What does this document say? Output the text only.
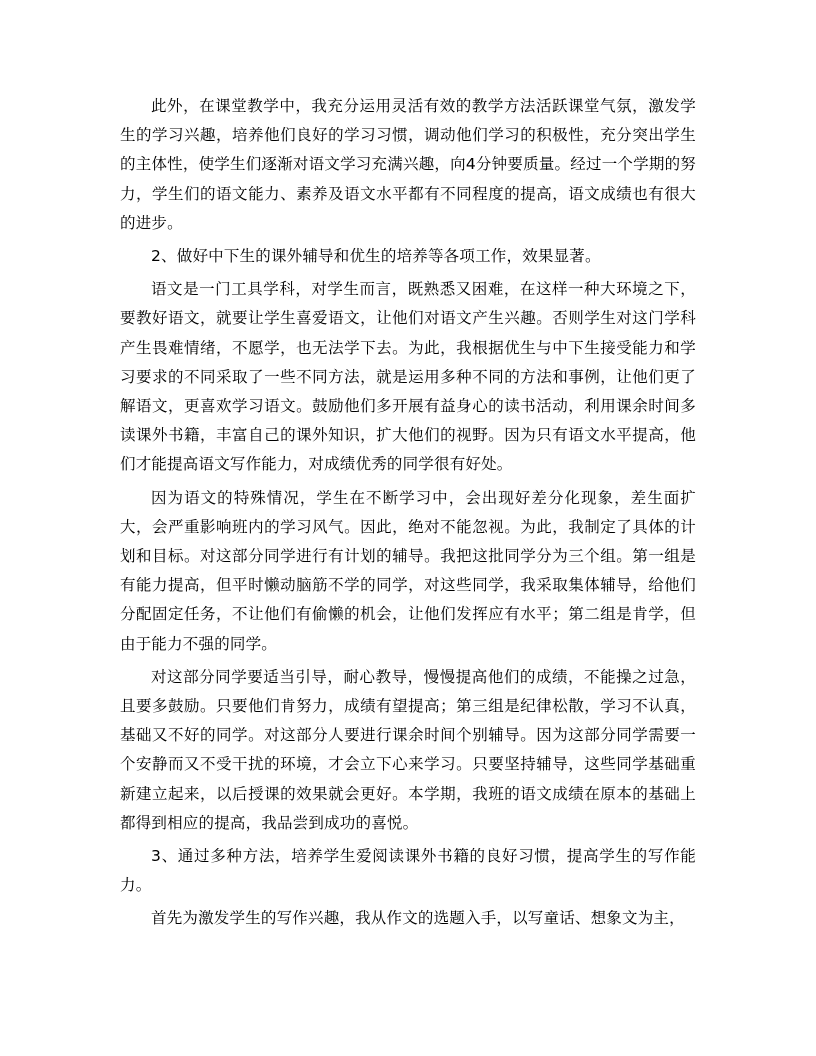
此外，在课堂教学中，我充分运用灵活有效的教学方法活跃课堂气氛，激发学生的学习兴趣，培养他们良好的学习习惯，调动他们学习的积极性，充分突出学生的主体性，使学生们逐渐对语文学习充满兴趣，向4分钟要质量。经过一个学期的努力，学生们的语文能力、素养及语文水平都有不同程度的提高，语文成绩也有很大的进步。

2、做好中下生的课外辅导和优生的培养等各项工作，效果显著。

语文是一门工具学科，对学生而言，既熟悉又困难，在这样一种大环境之下，要教好语文，就要让学生喜爱语文，让他们对语文产生兴趣。否则学生对这门学科产生畏难情绪，不愿学，也无法学下去。为此，我根据优生与中下生接受能力和学习要求的不同采取了一些不同方法，就是运用多种不同的方法和事例，让他们更了解语文，更喜欢学习语文。鼓励他们多开展有益身心的读书活动，利用课余时间多读课外书籍，丰富自己的课外知识，扩大他们的视野。因为只有语文水平提高，他们才能提高语文写作能力，对成绩优秀的同学很有好处。

因为语文的特殊情况，学生在不断学习中，会出现好差分化现象，差生面扩大，会严重影响班内的学习风气。因此，绝对不能忽视。为此，我制定了具体的计划和目标。对这部分同学进行有计划的辅导。我把这批同学分为三个组。第一组是有能力提高，但平时懒动脑筋不学的同学，对这些同学，我采取集体辅导，给他们分配固定任务，不让他们有偷懒的机会，让他们发挥应有水平；第二组是肯学，但由于能力不强的同学。

对这部分同学要适当引导，耐心教导，慢慢提高他们的成绩，不能操之过急，且要多鼓励。只要他们肯努力，成绩有望提高；第三组是纪律松散，学习不认真，基础又不好的同学。对这部分人要进行课余时间个别辅导。因为这部分同学需要一个安静而又不受干扰的环境，才会立下心来学习。只要坚持辅导，这些同学基础重新建立起来，以后授课的效果就会更好。本学期，我班的语文成绩在原本的基础上都得到相应的提高，我品尝到成功的喜悦。

3、通过多种方法，培养学生爱阅读课外书籍的良好习惯，提高学生的写作能力。

首先为激发学生的写作兴趣，我从作文的选题入手，以写童话、想象文为主，
